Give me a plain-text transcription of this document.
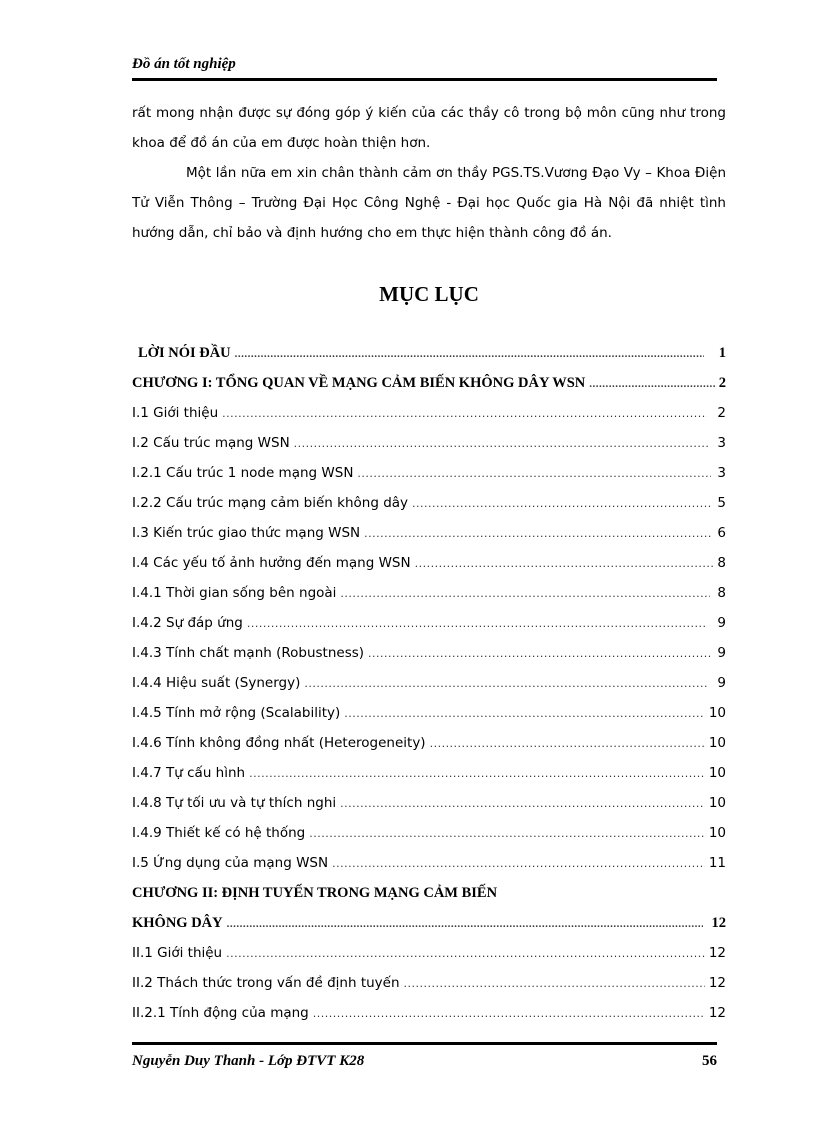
Đồ án tốt nghiệp

rất mong nhận được sự đóng góp ý kiến của các thầy cô trong bộ môn cũng như trong khoa để đồ án của em được hoàn thiện hơn.

Một lần nữa em xin chân thành cảm ơn thầy PGS.TS.Vương Đạo Vy – Khoa Điện Tử Viễn Thông – Trường Đại Học Công Nghệ - Đại học Quốc gia Hà Nội đã nhiệt tình hướng dẫn, chỉ bảo và định hướng cho em thực hiện thành công đồ án.

MỤC LỤC
LỜI NÓI ĐẦU .....	1
CHƯƠNG I: TỔNG QUAN VỀ MẠNG CẢM BIẾN KHÔNG DÂY WSN .....	2
I.1 Giới thiệu .....	2
I.2 Cấu trúc mạng WSN .....	3
I.2.1 Cấu trúc 1 node mạng WSN .....	3
I.2.2 Cấu trúc mạng cảm biến không dây .....	5
I.3 Kiến trúc giao thức mạng WSN .....	6
I.4 Các yếu tố ảnh hưởng đến mạng WSN .....	8
I.4.1 Thời gian sống bên ngoài .....	8
I.4.2 Sự đáp ứng .....	9
I.4.3 Tính chất mạnh (Robustness) .....	9
I.4.4 Hiệu suất (Synergy) .....	9
I.4.5 Tính mở rộng (Scalability) .....	10
I.4.6 Tính không đồng nhất (Heterogeneity) .....	10
I.4.7 Tự cấu hình .....	10
I.4.8 Tự tối ưu và tự thích nghi .....	10
I.4.9 Thiết kế có hệ thống .....	10
I.5 Ứng dụng của mạng WSN .....	11
CHƯƠNG II: ĐỊNH TUYẾN TRONG MẠNG CẢM BIẾN
KHÔNG DÂY .....	12
II.1 Giới thiệu .....	12
II.2 Thách thức trong vấn đề định tuyến .....	12
II.2.1 Tính động của mạng .....	12
Nguyễn Duy Thanh - Lớp ĐTVT K28	56
